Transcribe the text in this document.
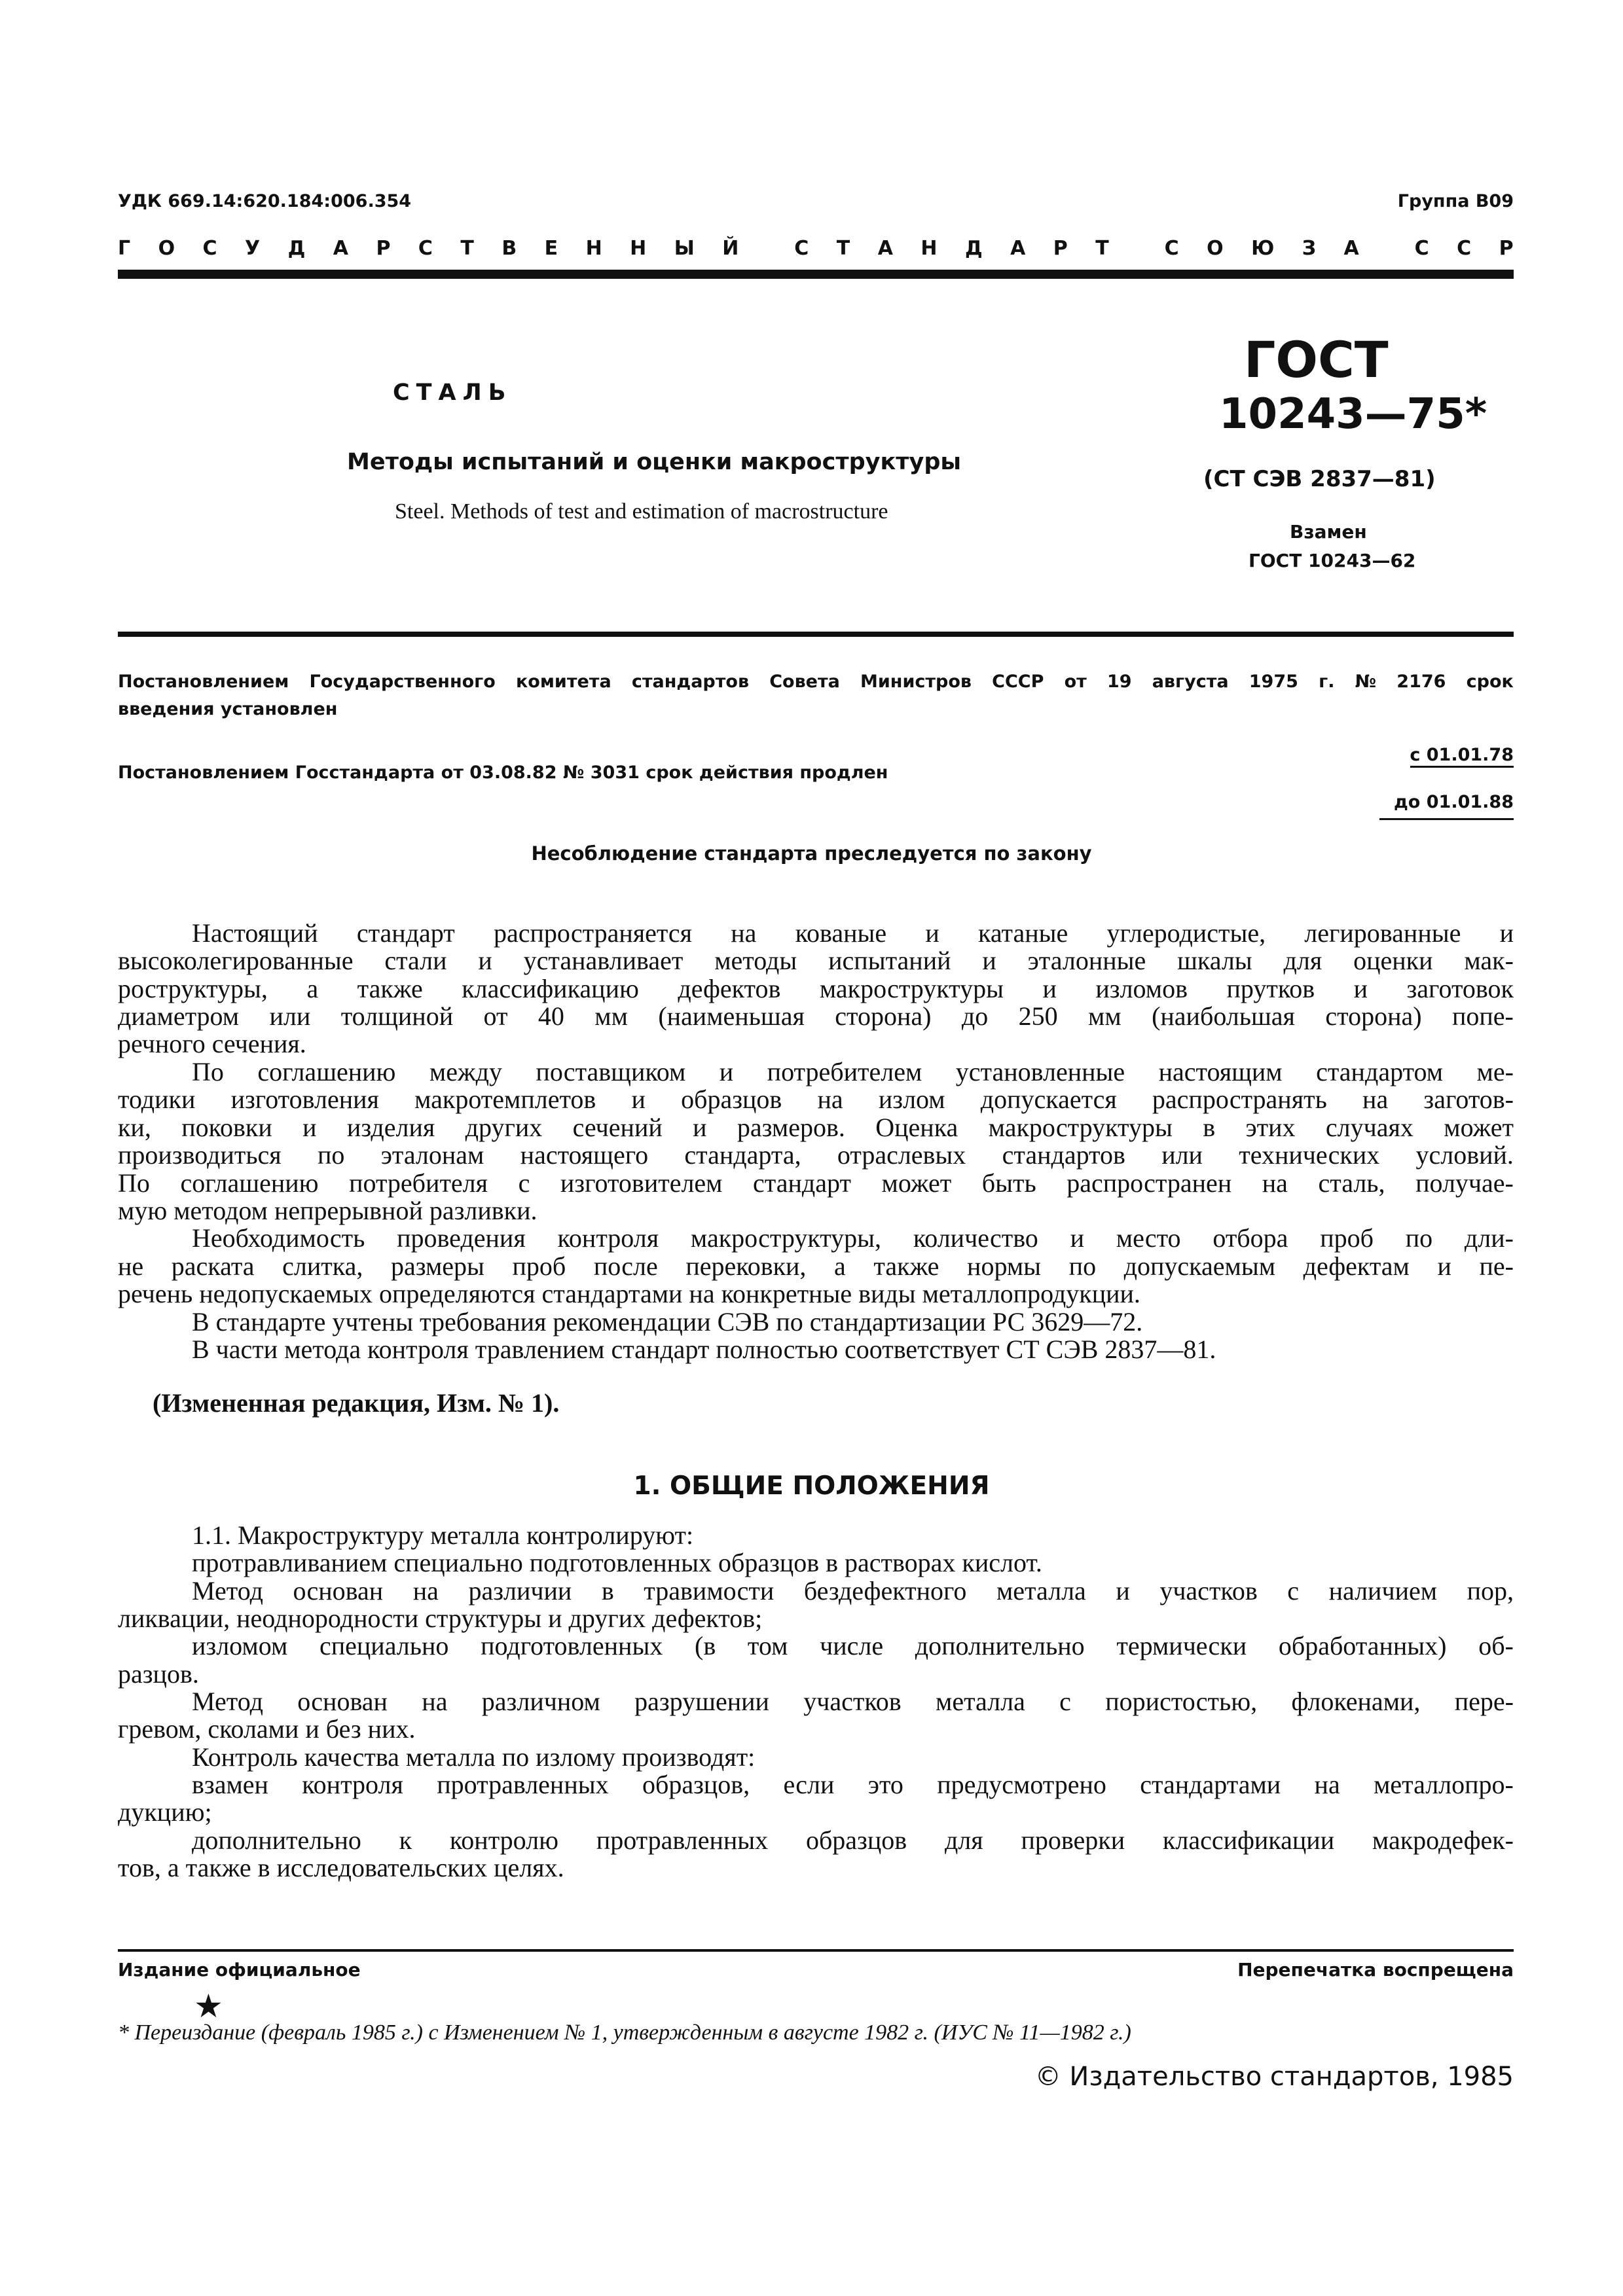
УДК 669.14:620.184:006.354	Группа В09
Г О С У Д А Р С Т В Е Н Н Ы Й	С Т А Н Д А Р Т	С О Ю З А	С С Р
СТАЛЬ
Методы испытаний и оценки макроструктуры
Steel. Methods of test and estimation of macrostructure
ГОСТ
10243—75*
(СТ СЭВ 2837—81)
Взамен
ГОСТ 10243—62
Постановлением Государственного комитета стандартов Совета Министров СССР от 19 августа 1975 г. № 2176 срок
введения установлен
с 01.01.78
Постановлением Госстандарта от 03.08.82 № 3031 срок действия продлен
до 01.01.88
Несоблюдение стандарта преследуется по закону
Настоящий стандарт распространяется на кованые и катаные углеродистые, легированные и
высоколегированные стали и устанавливает методы испытаний и эталонные шкалы для оценки мак-
роструктуры, а также классификацию дефектов макроструктуры и изломов прутков и заготовок
диаметром или толщиной от 40 мм (наименьшая сторона) до 250 мм (наибольшая сторона) попе-
речного сечения.
По соглашению между поставщиком и потребителем установленные настоящим стандартом ме-
тодики изготовления макротемплетов и образцов на излом допускается распространять на заготов-
ки, поковки и изделия других сечений и размеров. Оценка макроструктуры в этих случаях может
производиться по эталонам настоящего стандарта, отраслевых стандартов или технических условий.
По соглашению потребителя с изготовителем стандарт может быть распространен на сталь, получае-
мую методом непрерывной разливки.
Необходимость проведения контроля макроструктуры, количество и место отбора проб по дли-
не раската слитка, размеры проб после перековки, а также нормы по допускаемым дефектам и пе-
речень недопускаемых определяются стандартами на конкретные виды металлопродукции.
В стандарте учтены требования рекомендации СЭВ по стандартизации РС 3629—72.
В части метода контроля травлением стандарт полностью соответствует СТ СЭВ 2837—81.
(Измененная редакция, Изм. № 1).
1. ОБЩИЕ ПОЛОЖЕНИЯ
1.1. Макроструктуру металла контролируют:
протравливанием специально подготовленных образцов в растворах кислот.
Метод основан на различии в травимости бездефектного металла и участков с наличием пор,
ликвации, неоднородности структуры и других дефектов;
изломом специально подготовленных (в том числе дополнительно термически обработанных) об-
разцов.
Метод основан на различном разрушении участков металла с пористостью, флокенами, пере-
гревом, сколами и без них.
Контроль качества металла по излому производят:
взамен контроля протравленных образцов, если это предусмотрено стандартами на металлопро-
дукцию;
дополнительно к контролю протравленных образцов для проверки классификации макродефек-
тов, а также в исследовательских целях.
Издание официальное	Перепечатка воспрещена
★
* Переиздание (февраль 1985 г.) с Изменением № 1, утвержденным в августе 1982 г. (ИУС № 11—1982 г.)
© Издательство стандартов, 1985
